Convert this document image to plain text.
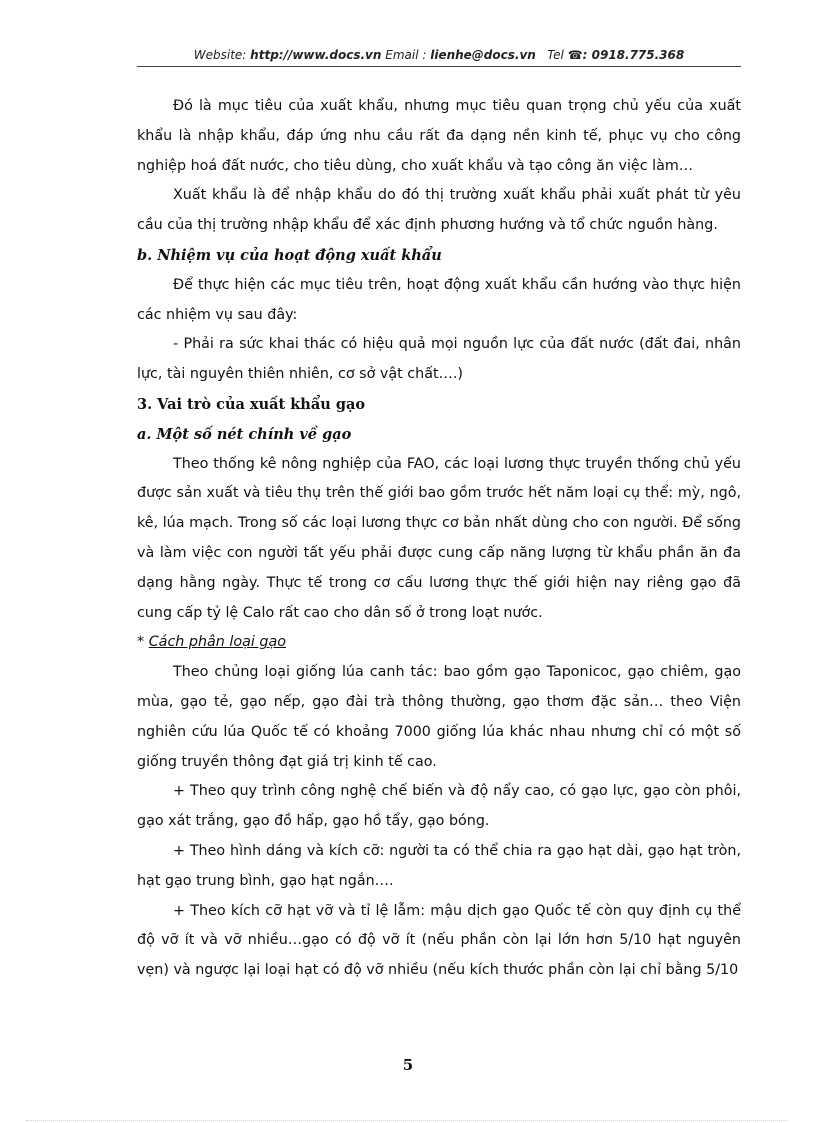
Website: http://www.docs.vn Email : lienhe@docs.vn Tel ☎: 0918.775.368

Đó là mục tiêu của xuất khẩu, nhưng mục tiêu quan trọng chủ yếu của xuất khẩu là nhập khẩu, đáp ứng nhu cầu rất đa dạng nền kinh tế, phục vụ cho công nghiệp hoá đất nước, cho tiêu dùng, cho xuất khẩu và tạo công ăn việc làm…

Xuất khẩu là để nhập khẩu do đó thị trường xuất khẩu phải xuất phát từ yêu cầu của thị trường nhập khẩu để xác định phương hướng và tổ chức nguồn hàng.

b. Nhiệm vụ của hoạt động xuất khẩu

Để thực hiện các mục tiêu trên, hoạt động xuất khẩu cần hướng vào thực hiện các nhiệm vụ sau đây:

- Phải ra sức khai thác có hiệu quả mọi nguồn lực của đất nước (đất đai, nhân lực, tài nguyên thiên nhiên, cơ sở vật chất….)

3. Vai trò của xuất khẩu gạo

a. Một số nét chính về gạo

Theo thống kê nông nghiệp của FAO, các loại lương thực truyền thống chủ yếu được sản xuất và tiêu thụ trên thế giới bao gồm trước hết năm loại cụ thể: mỳ, ngô, kê, lúa mạch. Trong số các loại lương thực cơ bản nhất dùng cho con người. Để sống và làm việc con người tất yếu phải được cung cấp năng lượng từ khẩu phần ăn đa dạng hằng ngày. Thực tế trong cơ cấu lương thực thế giới hiện nay riêng gạo đã cung cấp tỷ lệ Calo rất cao cho dân số ở trong loạt nước.

* Cách phân loại gạo

Theo chủng loại giống lúa canh tác: bao gồm gạo Taponicoc, gạo chiêm, gạo mùa, gạo tẻ, gạo nếp, gạo đài trà thông thường, gạo thơm đặc sản… theo Viện nghiên cứu lúa Quốc tế có khoảng 7000 giống lúa khác nhau nhưng chỉ có một số giống truyền thông đạt giá trị kinh tế cao.

+ Theo quy trình công nghệ chế biến và độ nẩy cao, có gạo lực, gạo còn phôi, gạo xát trắng, gạo đồ hấp, gạo hồ tẩy, gạo bóng.

+ Theo hình dáng và kích cỡ: người ta có thể chia ra gạo hạt dài, gạo hạt tròn, hạt gạo trung bình, gạo hạt ngắn….

+ Theo kích cỡ hạt vỡ và tỉ lệ lẫm: mậu dịch gạo Quốc tế còn quy định cụ thể độ vỡ ít và vỡ nhiều…gạo có độ vỡ ít (nếu phần còn lại lớn hơn 5/10 hạt nguyên vẹn) và ngược lại loại hạt có độ vỡ nhiều (nếu kích thước phần còn lại chỉ bằng 5/10

5
